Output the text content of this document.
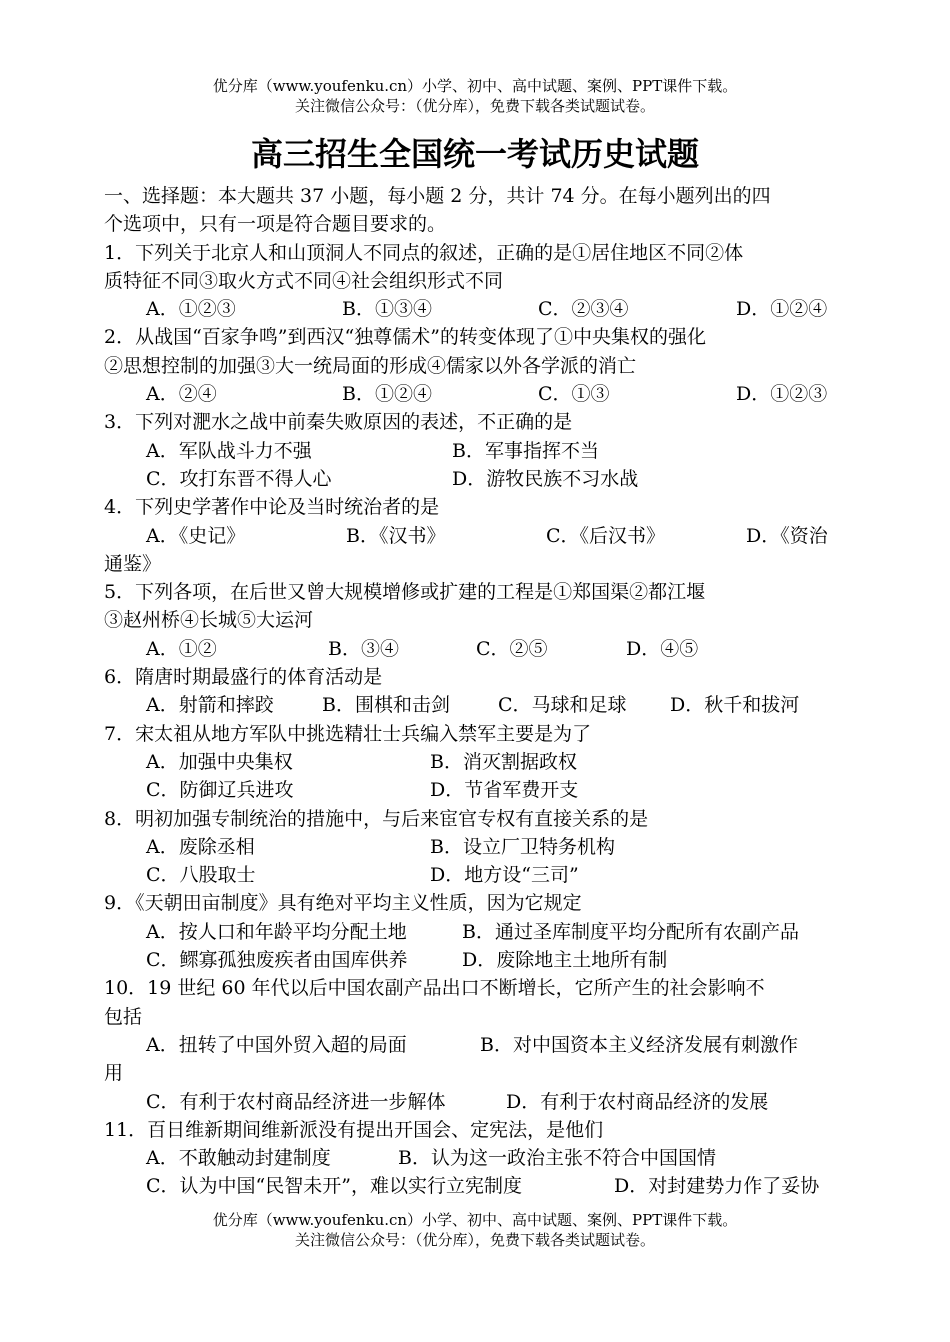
优分库（www.youfenku.cn）小学、初中、高中试题、案例、PPT课件下载。
关注微信公众号：（优分库），免费下载各类试题试卷。
高三招生全国统一考试历史试题
一、选择题：本大题共 37 小题，每小题 2 分，共计 74 分。在每小题列出的四
个选项中，只有一项是符合题目要求的。
1．下列关于北京人和山顶洞人不同点的叙述，正确的是①居住地区不同②体
质特征不同③取火方式不同④社会组织形式不同
A．①②③	B．①③④	C．②③④	D．①②④
2．从战国“百家争鸣”到西汉“独尊儒术”的转变体现了①中央集权的强化
②思想控制的加强③大一统局面的形成④儒家以外各学派的消亡
A．②④	B．①②④	C．①③	D．①②③
3．下列对淝水之战中前秦失败原因的表述，不正确的是
A．军队战斗力不强	B．军事指挥不当
C．攻打东晋不得人心	D．游牧民族不习水战
4．下列史学著作中论及当时统治者的是
A．《史记》	B．《汉书》	C．《后汉书》	D．《资治
通鉴》
5．下列各项，在后世又曾大规模增修或扩建的工程是①郑国渠②都江堰
③赵州桥④长城⑤大运河
A．①②	B．③④	C．②⑤	D．④⑤
6．隋唐时期最盛行的体育活动是
A．射箭和摔跤	B．围棋和击剑	C．马球和足球 D．秋千和拔河
7．宋太祖从地方军队中挑选精壮士兵编入禁军主要是为了
A．加强中央集权	B．消灭割据政权
C．防御辽兵进攻	D．节省军费开支
8．明初加强专制统治的措施中，与后来宦官专权有直接关系的是
A．废除丞相	B．设立厂卫特务机构
C．八股取士	D．地方设“三司”
9．《天朝田亩制度》具有绝对平均主义性质，因为它规定
A．按人口和年龄平均分配土地	B．通过圣库制度平均分配所有农副产品
C．鳏寡孤独废疾者由国库供养	D．废除地主土地所有制
10．19 世纪 60 年代以后中国农副产品出口不断增长，它所产生的社会影响不
包括
A．扭转了中国外贸入超的局面	B．对中国资本主义经济发展有刺激作
用
C．有利于农村商品经济进一步解体	D．有利于农村商品经济的发展
11．百日维新期间维新派没有提出开国会、定宪法，是他们
A．不敢触动封建制度	B．认为这一政治主张不符合中国国情
C．认为中国“民智未开”，难以实行立宪制度	D．对封建势力作了妥协
优分库（www.youfenku.cn）小学、初中、高中试题、案例、PPT课件下载。
关注微信公众号：（优分库），免费下载各类试题试卷。
